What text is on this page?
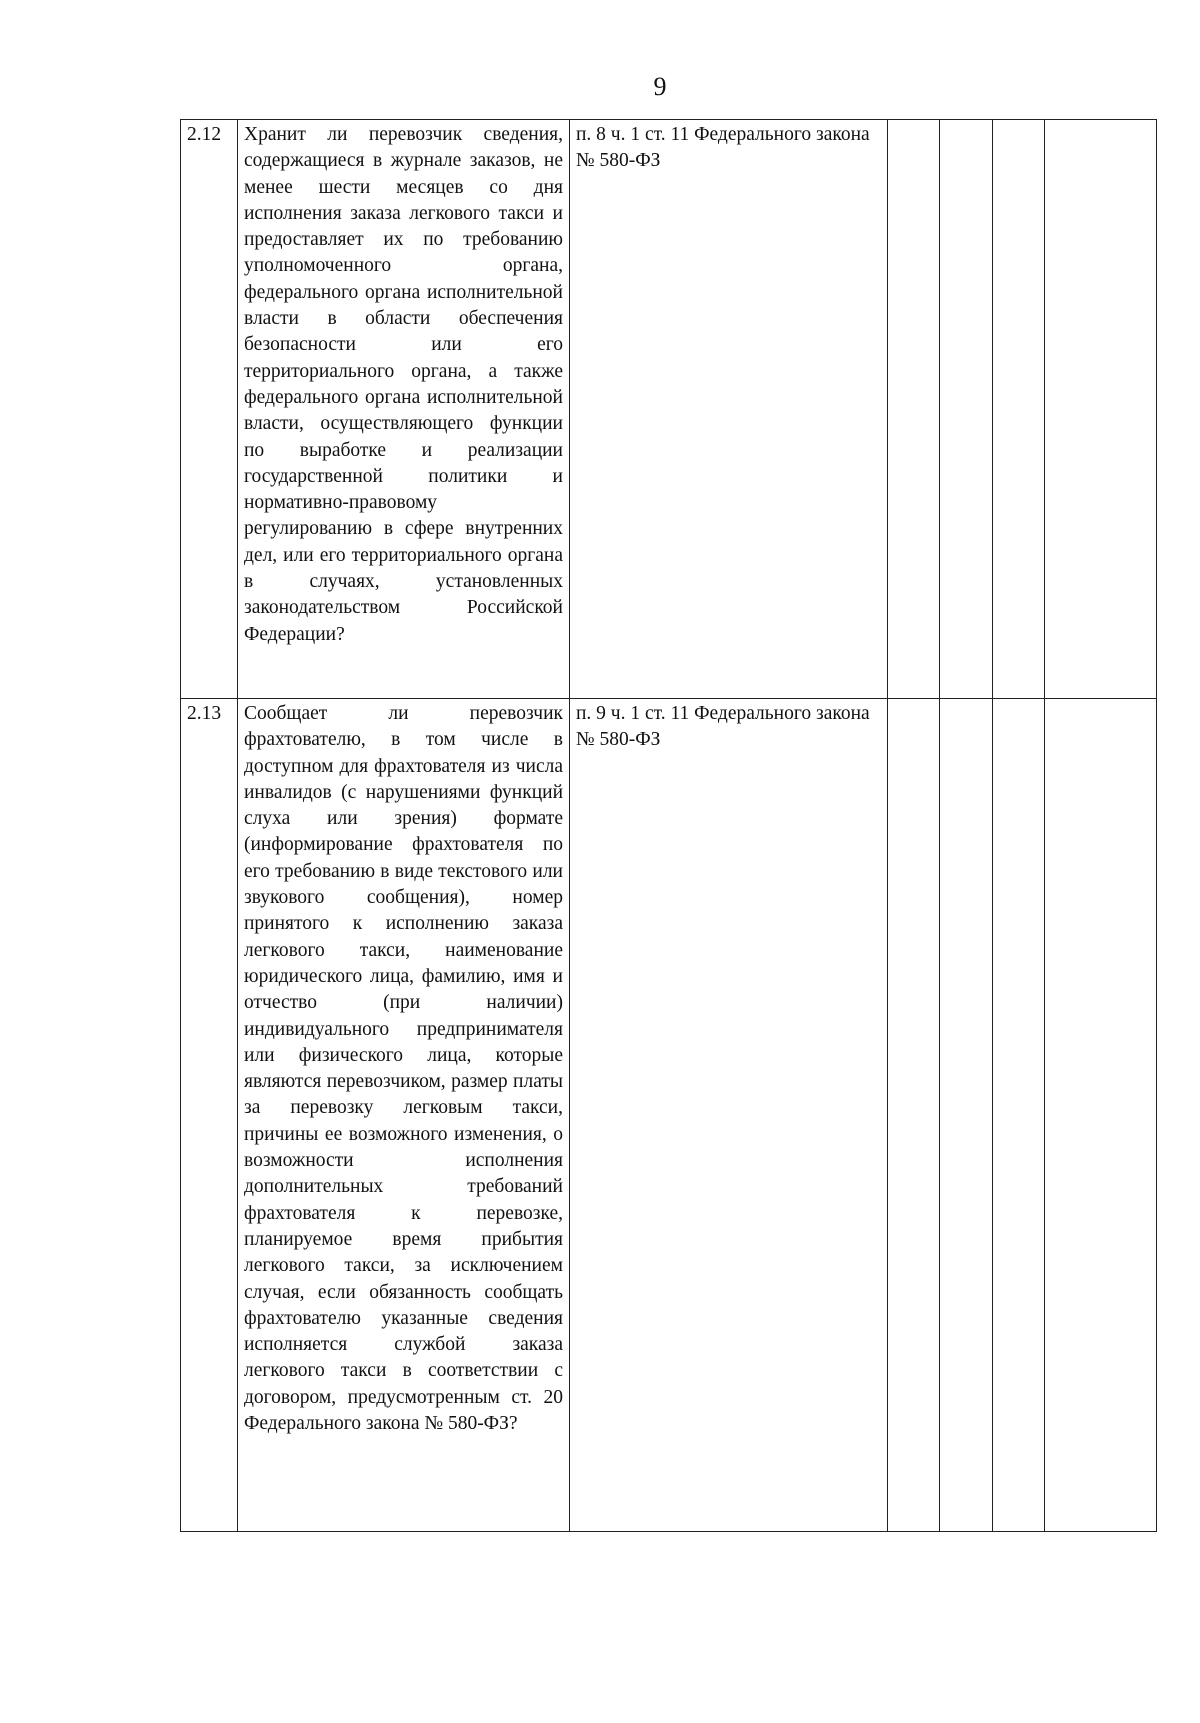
9
2.12	Хранит ли перевозчик сведения, содержащиеся в журнале заказов, не менее шести месяцев со дня исполнения заказа легкового такси и предоставляет их по требованию уполномоченного органа, федерального органа исполнительной власти в области обеспечения безопасности или его территориального органа, а также федерального органа исполнительной власти, осуществляющего функции по выработке и реализации государственной политики и нормативно-правовому регулированию в сфере внутренних дел, или его территориального органа в случаях, установленных законодательством Российской Федерации?	п. 8 ч. 1 ст. 11 Федерального закона № 580-ФЗ				
2.13	Сообщает ли перевозчик фрахтователю, в том числе в доступном для фрахтователя из числа инвалидов (с нарушениями функций слуха или зрения) формате (информирование фрахтователя по его требованию в виде текстового или звукового сообщения), номер принятого к исполнению заказа легкового такси, наименование юридического лица, фамилию, имя и отчество (при наличии) индивидуального предпринимателя или физического лица, которые являются перевозчиком, размер платы за перевозку легковым такси, причины ее возможного изменения, о возможности исполнения дополнительных требований фрахтователя к перевозке, планируемое время прибытия легкового такси, за исключением случая, если обязанность сообщать фрахтователю указанные сведения исполняется службой заказа легкового такси в соответствии с договором, предусмотренным ст. 20 Федерального закона № 580-ФЗ?	п. 9 ч. 1 ст. 11 Федерального закона № 580-ФЗ				
